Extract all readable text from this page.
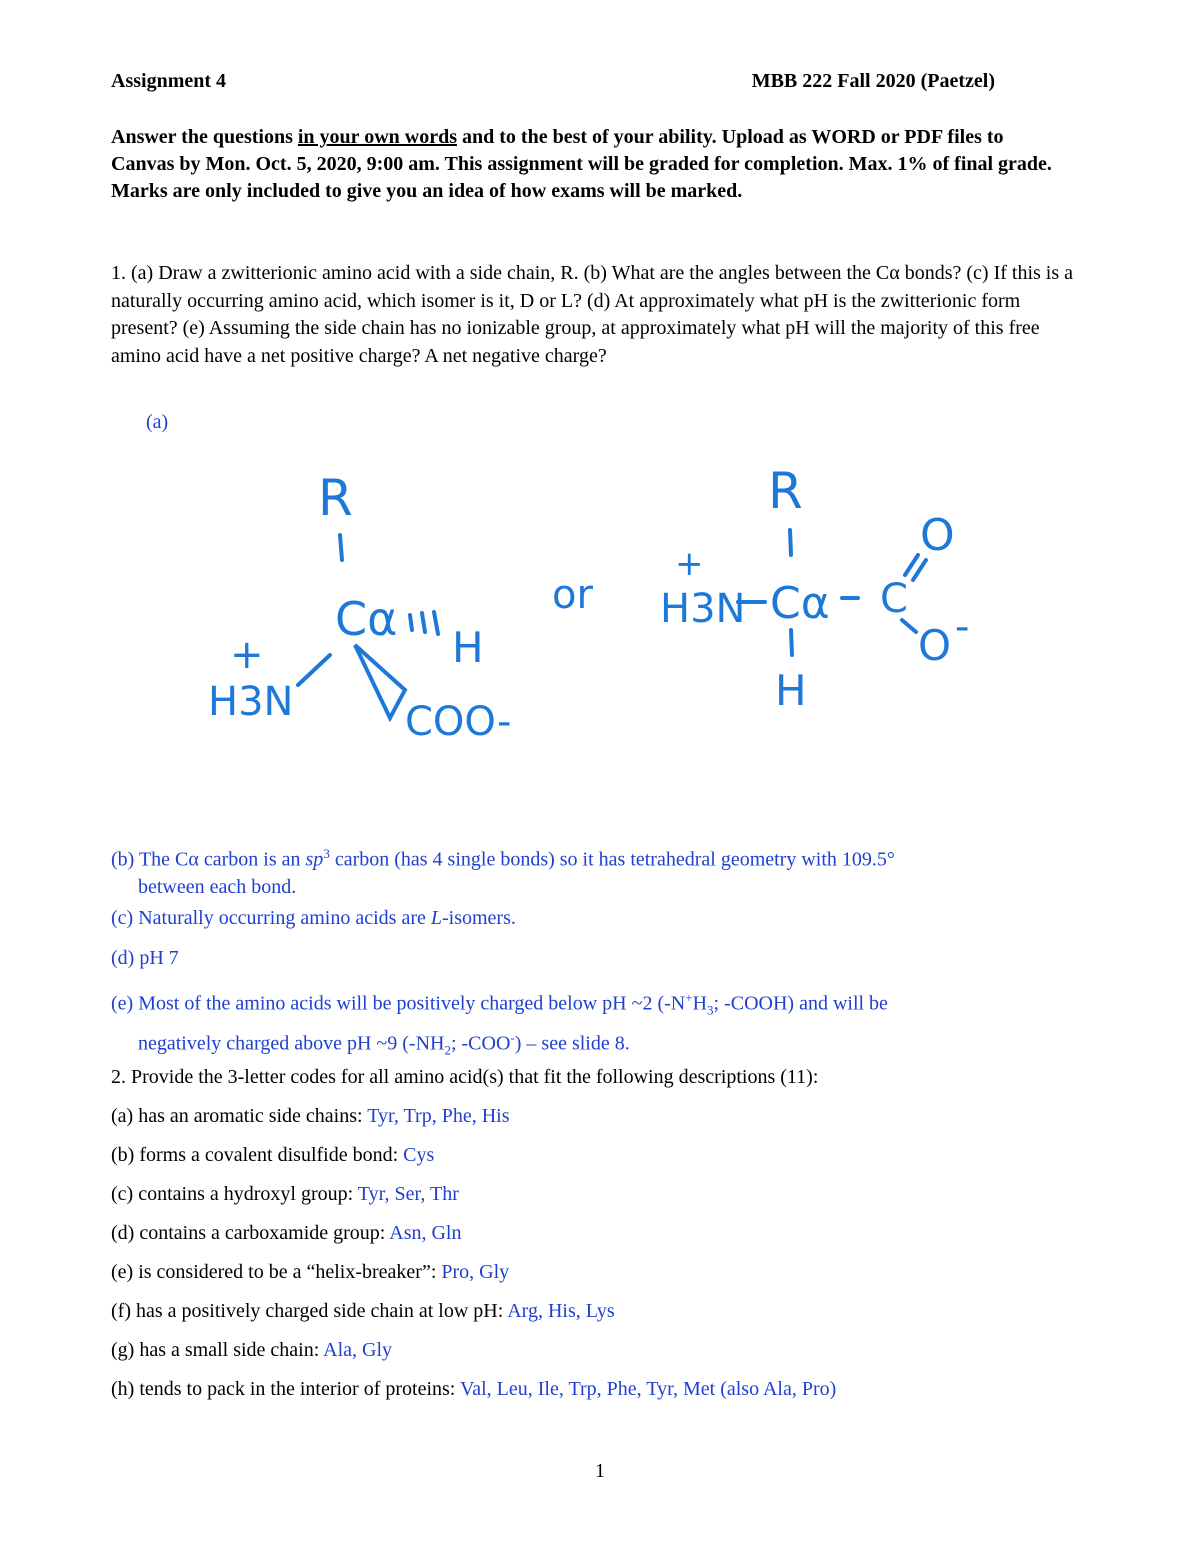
Assignment 4	MBB 222 Fall 2020 (Paetzel)
Answer the questions in your own words and to the best of your ability. Upload as WORD or PDF files to Canvas by Mon. Oct. 5, 2020, 9:00 am. This assignment will be graded for completion. Max. 1% of final grade. Marks are only included to give you an idea of how exams will be marked.
1. (a) Draw a zwitterionic amino acid with a side chain, R. (b) What are the angles between the Cα bonds? (c) If this is a naturally occurring amino acid, which isomer is it, D or L? (d) At approximately what pH is the zwitterionic form present? (e) Assuming the side chain has no ionizable group, at approximately what pH will the majority of this free amino acid have a net positive charge? A net negative charge?
(a)
R
Cα
H
+
H3N	COO-
or
R
+
H3N Cα C
O
O -
H
(b) The Cα carbon is an $sp^3$ carbon (has 4 single bonds) so it has tetrahedral geometry with 109.5°
between each bond.
(c) Naturally occurring amino acids are L-isomers.
(d) pH 7
(e) Most of the amino acids will be positively charged below pH ~2 ($-N^+H_3$; -COOH) and will be
negatively charged above pH ~9 ($-NH_2$; -COO-) – see slide 8.
2. Provide the 3-letter codes for all amino acid(s) that fit the following descriptions (11):
(a) has an aromatic side chains: Tyr, Trp, Phe, His
(b) forms a covalent disulfide bond: Cys
(c) contains a hydroxyl group: Tyr, Ser, Thr
(d) contains a carboxamide group: Asn, Gln
(e) is considered to be a “helix-breaker”: Pro, Gly
(f) has a positively charged side chain at low pH: Arg, His, Lys
(g) has a small side chain: Ala, Gly
(h) tends to pack in the interior of proteins: Val, Leu, Ile, Trp, Phe, Tyr, Met (also Ala, Pro)
1
